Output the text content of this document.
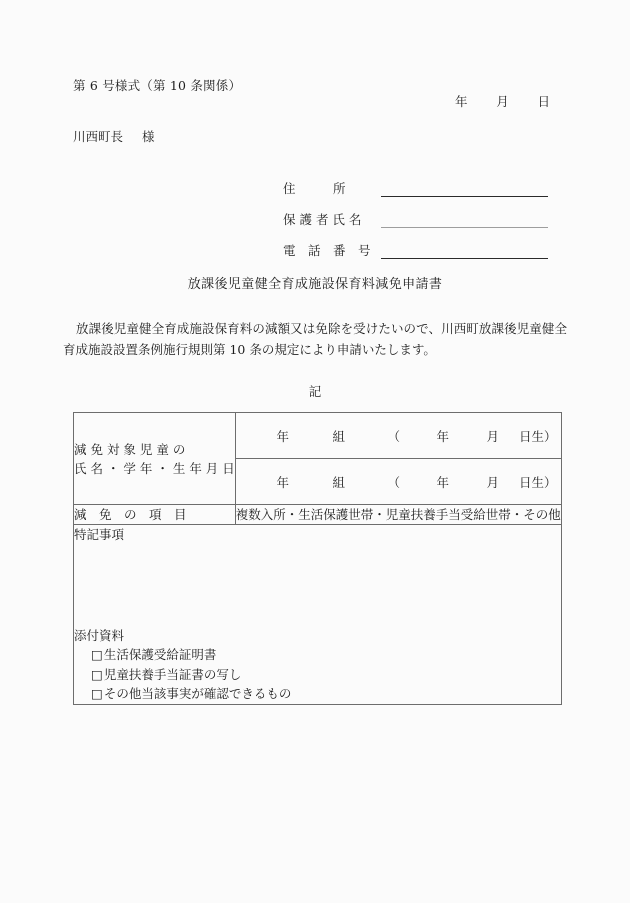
第 6 号様式（第 10 条関係）
年 月 日
川西町長 様
住　　　所
保 護 者 氏 名
電　話　番　号
放課後児童健全育成施設保育料減免申請書
放課後児童健全育成施設保育料の減額又は免除を受けたいので、川西町放課後児童健全育成施設設置条例施行規則第 10 条の規定により申請いたします。
記
減 免 対 象 児 童 の
氏 名 ・ 学 年 ・ 生 年 月 日

年	組	（	年	月	日生）

年	組	（	年	月	日生）

減　免　の　項　目	複数入所・生活保護世帯・児童扶養手当受給世帯・その他

特記事項
添付資料
□生活保護受給証明書
□児童扶養手当証書の写し
□その他当該事実が確認できるもの
